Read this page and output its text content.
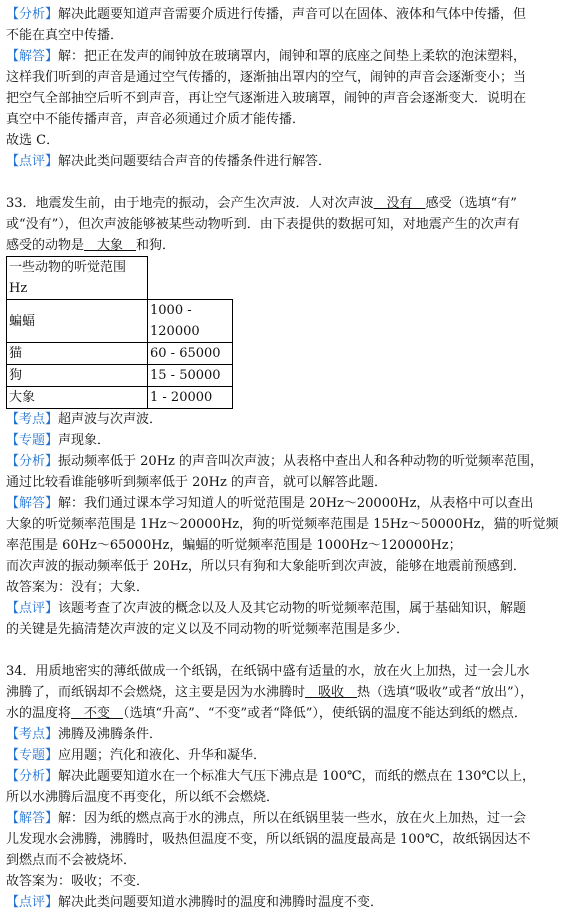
【分析】解决此题要知道声音需要介质进行传播，声音可以在固体、液体和气体中传播，但
不能在真空中传播．
【解答】解：把正在发声的闹钟放在玻璃罩内，闹钟和罩的底座之间垫上柔软的泡沫塑料，
这样我们听到的声音是通过空气传播的，逐渐抽出罩内的空气，闹钟的声音会逐渐变小；当
把空气全部抽空后听不到声音，再让空气逐渐进入玻璃罩，闹钟的声音会逐渐变大．说明在
真空中不能传播声音，声音必须通过介质才能传播．
故选 C．
【点评】解决此类问题要结合声音的传播条件进行解答．
33．地震发生前，由于地壳的振动，会产生次声波．人对次声波　没有　感受（选填“有”
或“没有”），但次声波能够被某些动物听到．由下表提供的数据可知，对地震产生的次声有
感受的动物是　大象　和狗．
一些动物的听觉范围
Hz	
蝙蝠	1000 - 120000
猫	60 - 65000
狗	15 - 50000
大象	1 - 20000
【考点】超声波与次声波．
【专题】声现象．
【分析】振动频率低于 20Hz 的声音叫次声波；从表格中查出人和各种动物的听觉频率范围，
通过比较看谁能够听到频率低于 20Hz 的声音，就可以解答此题．
【解答】解：我们通过课本学习知道人的听觉范围是 20Hz～20000Hz，从表格中可以查出
大象的听觉频率范围是 1Hz～20000Hz，狗的听觉频率范围是 15Hz～50000Hz，猫的听觉频
率范围是 60Hz～65000Hz，蝙蝠的听觉频率范围是 1000Hz～120000Hz；
而次声波的振动频率低于 20Hz，所以只有狗和大象能听到次声波，能够在地震前预感到．
故答案为：没有；大象．
【点评】该题考查了次声波的概念以及人及其它动物的听觉频率范围，属于基础知识，解题
的关键是先搞清楚次声波的定义以及不同动物的听觉频率范围是多少．
34．用质地密实的薄纸做成一个纸锅，在纸锅中盛有适量的水，放在火上加热，过一会儿水
沸腾了，而纸锅却不会燃烧，这主要是因为水沸腾时　吸收　热（选填“吸收”或者“放出”），
水的温度将　不变　（选填“升高”、“不变”或者“降低”），使纸锅的温度不能达到纸的燃点．
【考点】沸腾及沸腾条件．
【专题】应用题；汽化和液化、升华和凝华．
【分析】解决此题要知道水在一个标准大气压下沸点是 100℃，而纸的燃点在 130℃以上，
所以水沸腾后温度不再变化，所以纸不会燃烧．
【解答】解：因为纸的燃点高于水的沸点，所以在纸锅里装一些水，放在火上加热，过一会
儿发现水会沸腾，沸腾时，吸热但温度不变，所以纸锅的温度最高是 100℃，故纸锅因达不
到燃点而不会被烧坏．
故答案为：吸收；不变．
【点评】解决此类问题要知道水沸腾时的温度和沸腾时温度不变．
